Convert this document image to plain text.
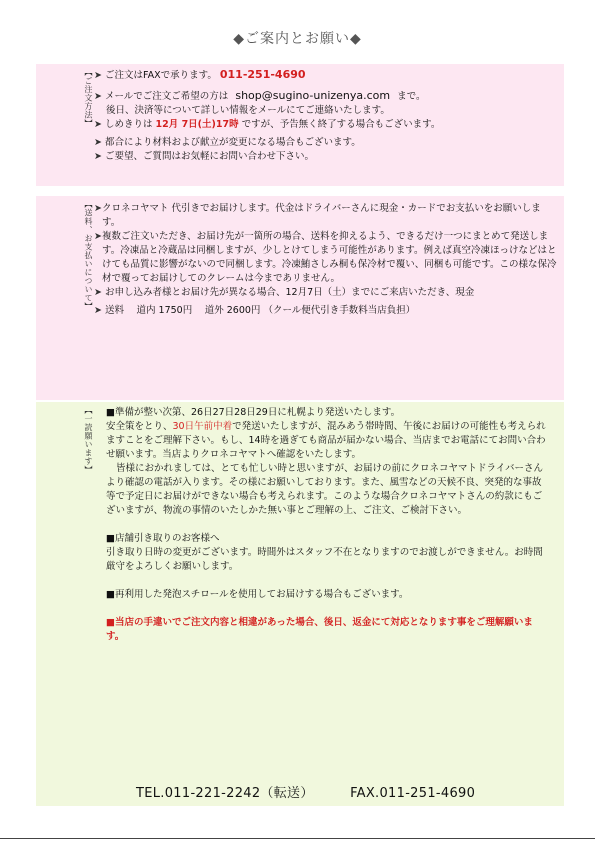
◆ご案内とお願い◆
【ご注文方法】 ➤ ご注文はFAXで承ります。 011-251-4690
➤ メールでご注文ご希望の方は shop@sugino-unizenya.com まで。
後日、決済等について詳しい情報をメールにてご連絡いたします。
➤ しめきりは 12月 7日(土)17時 ですが、予告無く終了する場合もございます。
➤ 都合により材料および献立が変更になる場合もございます。
➤ ご要望、ご質問はお気軽にお問い合わせ下さい。
【送料、お支払いについて】 ➤ クロネコヤマト 代引きでお届けします。代金はドライバーさんに現金・カードでお支払いをお願いします。
➤ 複数ご注文いただき、お届け先が一箇所の場合、送料を抑えるよう、できるだけ一つにまとめて発送します。冷凍品と冷蔵品は同梱しますが、少しとけてしまう可能性があります。例えば真空冷凍ほっけなどはとけても品質に影響がないので同梱します。冷凍鮪さしみ桐も保冷材で覆い、同梱も可能です。この様な保冷材で覆ってお届けしてのクレームは今まであリません。
➤ お申し込み者様とお届け先が異なる場合、12月7日（土）までにご来店いただき、現金
➤ 送料　 道内 1750円　 道外 2600円 （クール便代引き手数料当店負担）
【一読願います】 ■準備が整い次第、26日27日28日29日に札幌より発送いたします。
安全策をとり、30日午前中着で発送いたしますが、混みあう帯時間、午後にお届けの可能性も考えられますことをご理解下さい。もし、14時を過ぎても商品が届かない場合、当店までお電話にてお問い合わせ願います。当店よりクロネコヤマトへ確認をいたします。
皆様におかれましては、とても忙しい時と思いますが、お届けの前にクロネコヤマトドライバーさんより確認の電話が入ります。その様にお願いしております。また、風雪などの天候不良、突発的な事故等で予定日にお届けができない場合も考えられます。このような場合クロネコヤマトさんの約款にもございますが、物流の事情のいたしかた無い事とご理解の上、ご注文、ご検討下さい。
■店舗引き取りのお客様へ
引き取り日時の変更がございます。時間外はスタッフ不在となりますのでお渡しができません。お時間厳守をよろしくお願いします。
■再利用した発泡スチロールを使用してお届けする場合もございます。
■当店の手違いでご注文内容と相違があった場合、後日、返金にて対応となります事をご理解願います。
TEL.011-221-2242（転送）	FAX.011-251-4690
